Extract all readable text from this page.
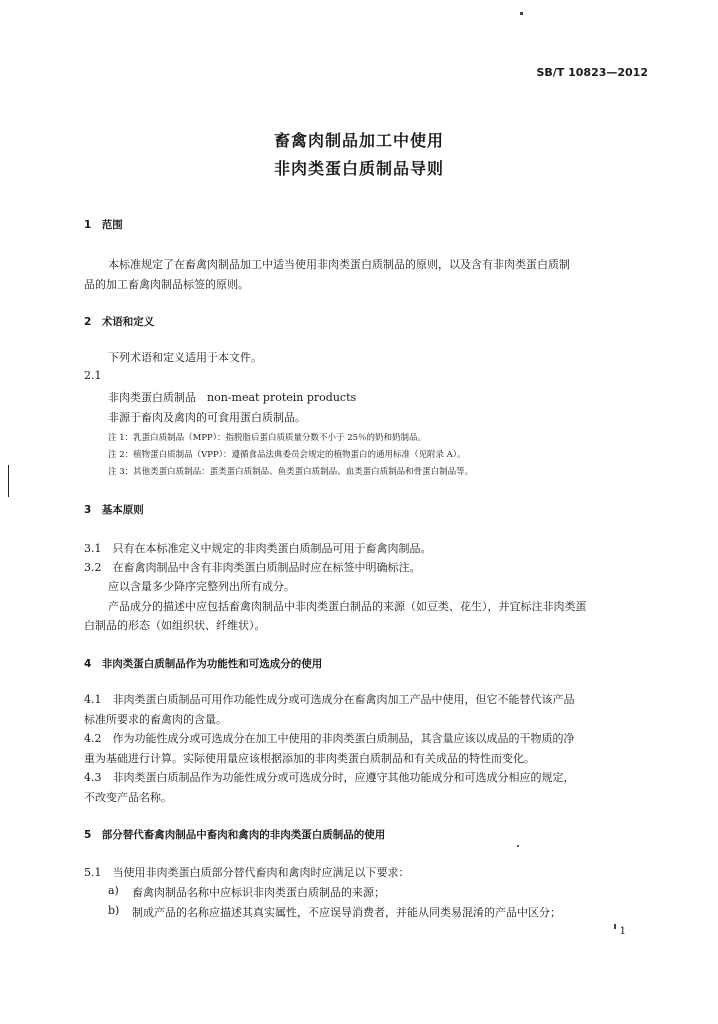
SB/T 10823—2012
畜禽肉制品加工中使用
非肉类蛋白质制品导则
1　范围
本标准规定了在畜禽肉制品加工中适当使用非肉类蛋白质制品的原则，以及含有非肉类蛋白质制
品的加工畜禽肉制品标签的原则。
2　术语和定义
下列术语和定义适用于本文件。
2.1
非肉类蛋白质制品　non-meat protein products
非源于畜肉及禽肉的可食用蛋白质制品。
注 1：乳蛋白质制品（MPP）：指脱脂后蛋白质质量分数不小于 25％的奶和奶制品。
注 2：植物蛋白质制品（VPP）：遵循食品法典委员会规定的植物蛋白的通用标准（见附录 A）。
注 3：其他类蛋白质制品：蛋类蛋白质制品、鱼类蛋白质制品、血类蛋白质制品和骨蛋白制品等。
3　基本原则
3.1　只有在本标准定义中规定的非肉类蛋白质制品可用于畜禽肉制品。
3.2　在畜禽肉制品中含有非肉类蛋白质制品时应在标签中明确标注。
应以含量多少降序完整列出所有成分。
产品成分的描述中应包括畜禽肉制品中非肉类蛋白制品的来源（如豆类、花生），并宜标注非肉类蛋
白制品的形态（如组织状、纤维状）。
4　非肉类蛋白质制品作为功能性和可选成分的使用
4.1　非肉类蛋白质制品可用作功能性成分或可选成分在畜禽肉加工产品中使用，但它不能替代该产品
标准所要求的畜禽肉的含量。
4.2　作为功能性成分或可选成分在加工中使用的非肉类蛋白质制品，其含量应该以成品的干物质的净
重为基础进行计算。实际使用量应该根据添加的非肉类蛋白质制品和有关成品的特性而变化。
4.3　非肉类蛋白质制品作为功能性成分或可选成分时，应遵守其他功能成分和可选成分相应的规定，
不改变产品名称。
5　部分替代畜禽肉制品中畜肉和禽肉的非肉类蛋白质制品的使用
5.1　当使用非肉类蛋白质部分替代畜肉和禽肉时应满足以下要求：
a) 畜禽肉制品名称中应标识非肉类蛋白质制品的来源；
b) 制成产品的名称应描述其真实属性，不应误导消费者，并能从同类易混淆的产品中区分；
1
